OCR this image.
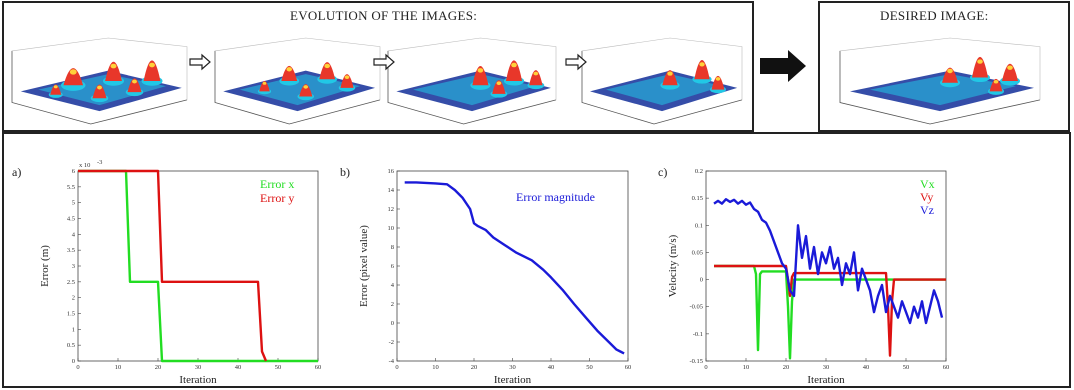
EVOLUTION OF THE IMAGES:	DESIRED IMAGE:
a)
0	10	20	30	40	50	60
0
0.5
1
1.5
2
2.5
3
3.5
4
4.5
5
5.5
6
x 10 -3
Iteration
Error (m)
Error x
Error y
b)
0	10	20	30	40	50	60
-4
-2
0
2
4
6
8
10
12
14
16
Iteration
Error (pixel value)
Error magnitude
c)
0	10	20	30	40	50	60
-0.15
-0.1
-0.05
0
0.05
0.1
0.15
0.2
Iteration
Velocity (m/s)
Vx
Vy
Vz
